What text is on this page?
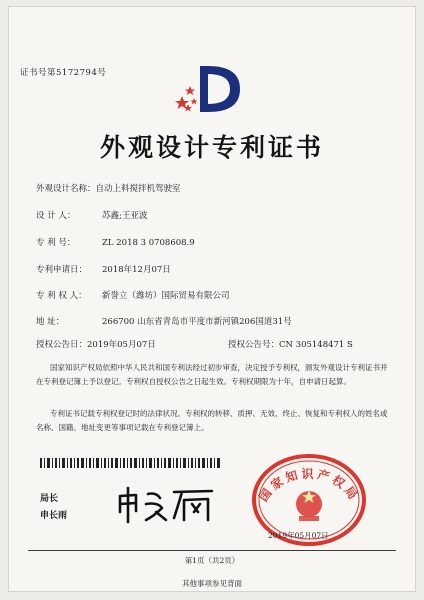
证书号第5172794号
外观设计专利证书
外观设计名称：自动上料搅拌机驾驶室
设 计 人：	苏鑫;王亚波
专 利 号：	ZL 2018 3 0708608.9
专利申请日： 2018年12月07日
专 利 权 人： 新誉立（潍坊）国际贸易有限公司
地 址：	266700 山东省青岛市平度市新河镇206国道31号
授权公告日：2019年05月07日	授权公告号：CN 305148471 S

国家知识产权局依照中华人民共和国专利法经过初步审查，决定授予专利权，颁发外观设计专利证书并在专利登记簿上予以登记。专利权自授权公告之日起生效。专利权期限为十年，自申请日起算。

专利证书记载专利权登记时的法律状况。专利权的转移、质押、无效、终止、恢复和专利权人的姓名或名称、国籍、地址变更等事项记载在专利登记簿上。

局长
申长雨
国家知识产权局
2019年05月07日
第1页（共2页）
其他事项参见背面
